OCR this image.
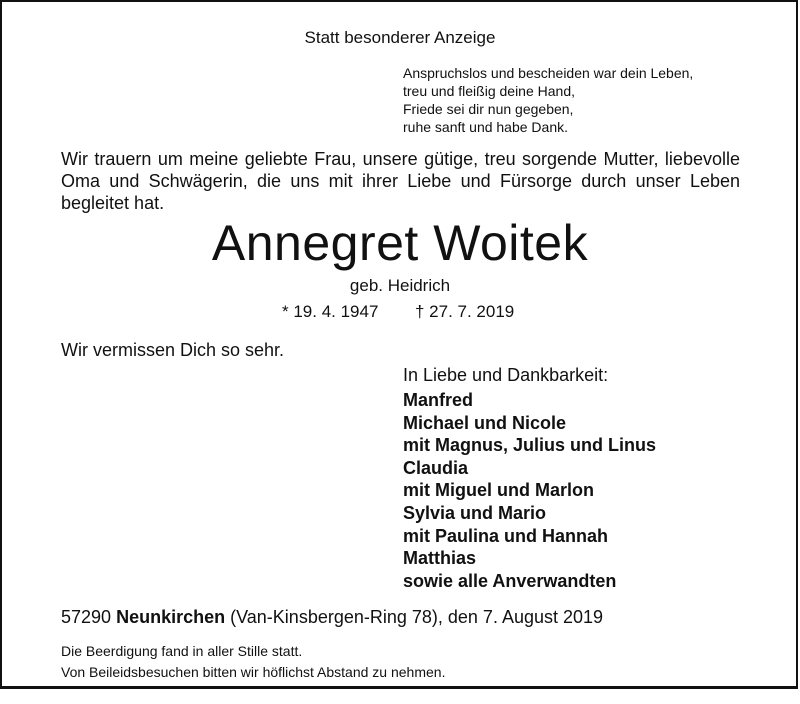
Statt besonderer Anzeige
Anspruchslos und bescheiden war dein Leben,
treu und fleißig deine Hand,
Friede sei dir nun gegeben,
ruhe sanft und habe Dank.
Wir trauern um meine geliebte Frau, unsere gütige, treu sorgende Mutter, liebevolle
Oma und Schwägerin, die uns mit ihrer Liebe und Fürsorge durch unser Leben
begleitet hat.
Annegret Woitek
geb. Heidrich
* 19. 4. 1947 † 27. 7. 2019
Wir vermissen Dich so sehr.
In Liebe und Dankbarkeit:
Manfred
Michael und Nicole
mit Magnus, Julius und Linus
Claudia
mit Miguel und Marlon
Sylvia und Mario
mit Paulina und Hannah
Matthias
sowie alle Anverwandten
57290 Neunkirchen (Van-Kinsbergen-Ring 78), den 7. August 2019
Die Beerdigung fand in aller Stille statt.
Von Beileidsbesuchen bitten wir höflichst Abstand zu nehmen.
